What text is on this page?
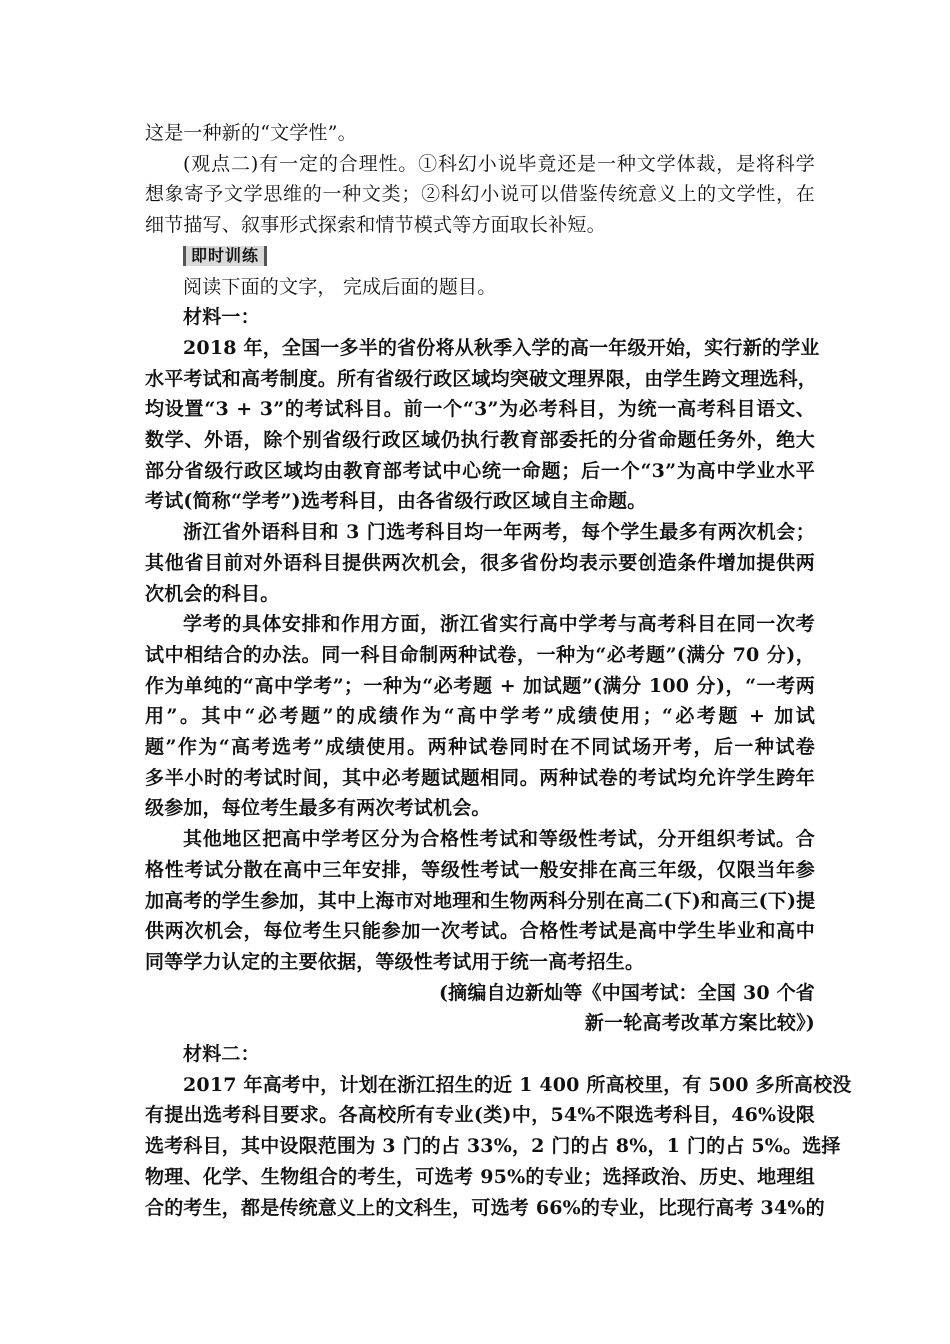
这是一种新的“文学性”。
(观点二)有一定的合理性。①科幻小说毕竟还是一种文学体裁，是将科学
想象寄予文学思维的一种文类；②科幻小说可以借鉴传统意义上的文学性，在
细节描写、叙事形式探索和情节模式等方面取长补短。
即时训练
阅读下面的文字， 完成后面的题目。
材料一：
2018 年，全国一多半的省份将从秋季入学的高一年级开始，实行新的学业
水平考试和高考制度。所有省级行政区域均突破文理界限，由学生跨文理选科，
均设置“3 + 3”的考试科目。前一个“3”为必考科目，为统一高考科目语文、
数学、外语，除个别省级行政区域仍执行教育部委托的分省命题任务外，绝大
部分省级行政区域均由教育部考试中心统一命题；后一个“3”为高中学业水平
考试(简称“学考”)选考科目，由各省级行政区域自主命题。
浙江省外语科目和 3 门选考科目均一年两考，每个学生最多有两次机会；
其他省目前对外语科目提供两次机会，很多省份均表示要创造条件增加提供两
次机会的科目。
学考的具体安排和作用方面，浙江省实行高中学考与高考科目在同一次考
试中相结合的办法。同一科目命制两种试卷，一种为“必考题”(满分 70 分)，
作为单纯的“高中学考”；一种为“必考题 + 加试题”(满分 100 分)，“一考两
用”。其中“必考题”的成绩作为“高中学考”成绩使用；“必考题 + 加试
题”作为“高考选考”成绩使用。两种试卷同时在不同试场开考，后一种试卷
多半小时的考试时间，其中必考题试题相同。两种试卷的考试均允许学生跨年
级参加，每位考生最多有两次考试机会。
其他地区把高中学考区分为合格性考试和等级性考试，分开组织考试。合
格性考试分散在高中三年安排，等级性考试一般安排在高三年级，仅限当年参
加高考的学生参加，其中上海市对地理和生物两科分别在高二(下)和高三(下)提
供两次机会，每位考生只能参加一次考试。合格性考试是高中学生毕业和高中
同等学力认定的主要依据，等级性考试用于统一高考招生。
(摘编自边新灿等《中国考试：全国 30 个省
新一轮高考改革方案比较》)
材料二：
2017 年高考中，计划在浙江招生的近 1 400 所高校里，有 500 多所高校没
有提出选考科目要求。各高校所有专业(类)中，54%不限选考科目，46%设限
选考科目，其中设限范围为 3 门的占 33%，2 门的占 8%，1 门的占 5%。选择
物理、化学、生物组合的考生，可选考 95%的专业；选择政治、历史、地理组
合的考生，都是传统意义上的文科生，可选考 66%的专业，比现行高考 34%的
